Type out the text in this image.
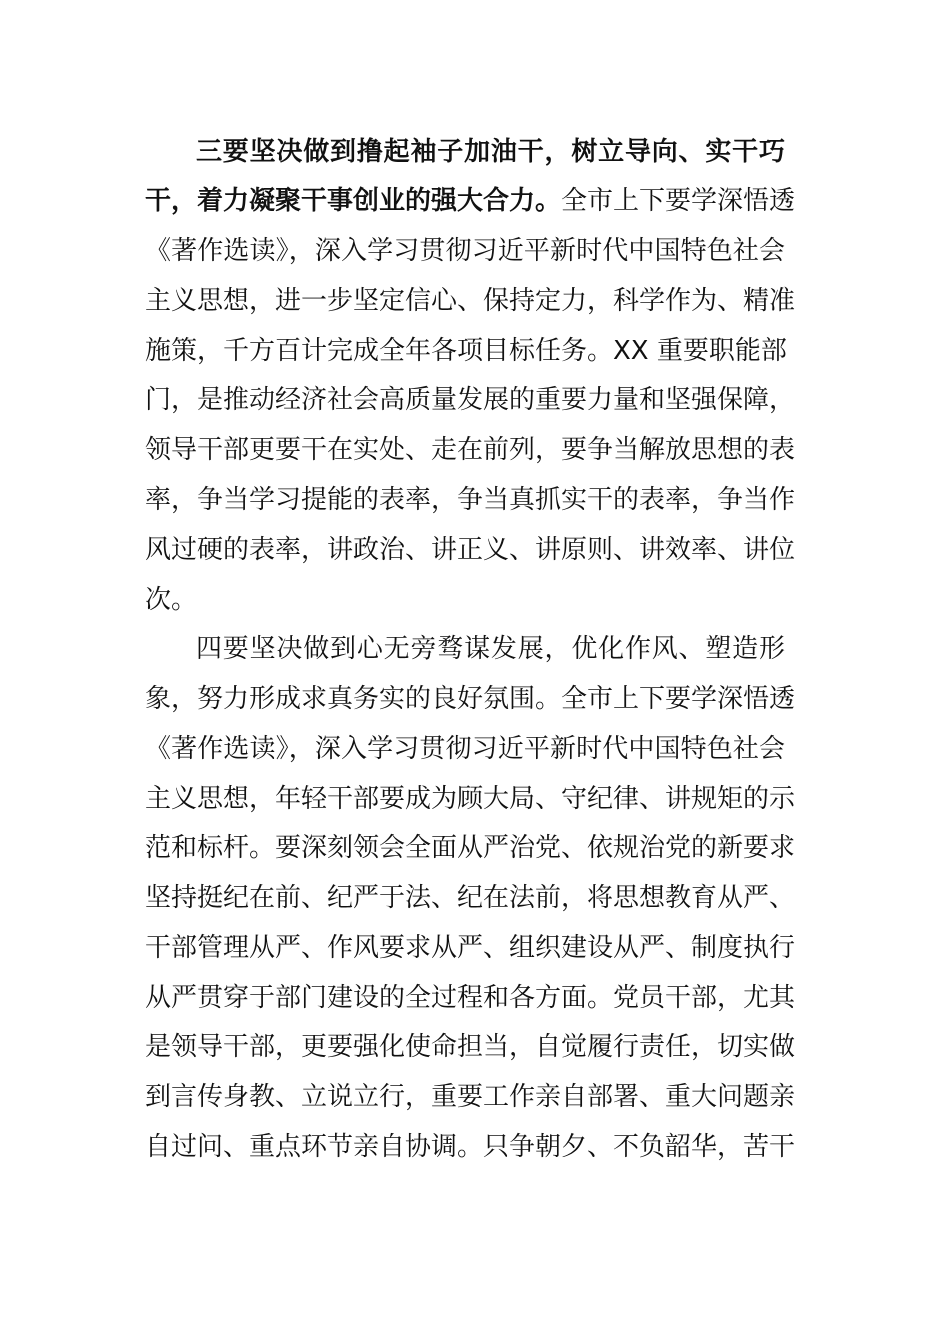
三要坚决做到撸起袖子加油干，树立导向、实干巧
干，着力凝聚干事创业的强大合力。全市上下要学深悟透
《著作选读》，深入学习贯彻习近平新时代中国特色社会
主义思想，进一步坚定信心、保持定力，科学作为、精准
施策，千方百计完成全年各项目标任务。XX 重要职能部
门，是推动经济社会高质量发展的重要力量和坚强保障，
领导干部更要干在实处、走在前列，要争当解放思想的表
率，争当学习提能的表率，争当真抓实干的表率，争当作
风过硬的表率，讲政治、讲正义、讲原则、讲效率、讲位
次。
四要坚决做到心无旁骛谋发展，优化作风、塑造形
象，努力形成求真务实的良好氛围。全市上下要学深悟透
《著作选读》，深入学习贯彻习近平新时代中国特色社会
主义思想，年轻干部要成为顾大局、守纪律、讲规矩的示
范和标杆。要深刻领会全面从严治党、依规治党的新要求
坚持挺纪在前、纪严于法、纪在法前，将思想教育从严、
干部管理从严、作风要求从严、组织建设从严、制度执行
从严贯穿于部门建设的全过程和各方面。党员干部，尤其
是领导干部，更要强化使命担当，自觉履行责任，切实做
到言传身教、立说立行，重要工作亲自部署、重大问题亲
自过问、重点环节亲自协调。只争朝夕、不负韶华，苦干
